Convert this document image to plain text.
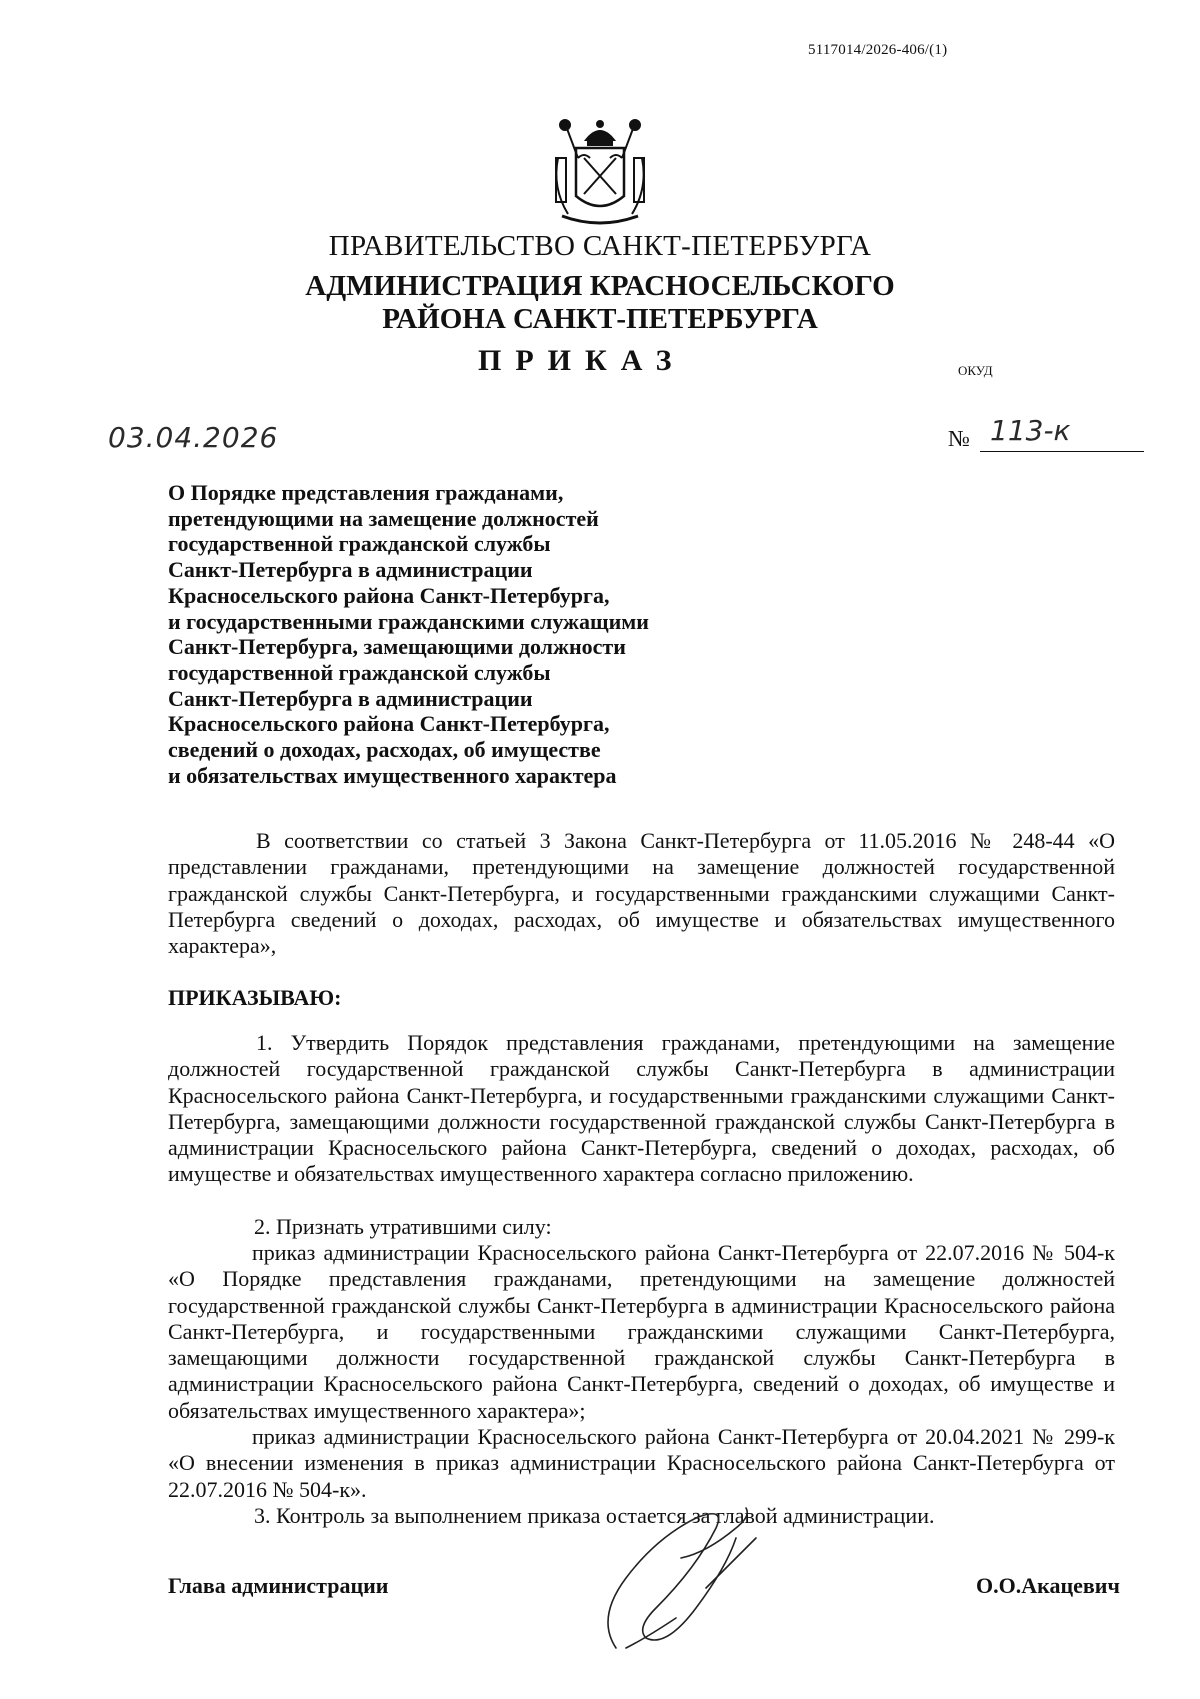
5117014/2026-406/(1)
ПРАВИТЕЛЬСТВО САНКТ-ПЕТЕРБУРГА
АДМИНИСТРАЦИЯ КРАСНОСЕЛЬСКОГО
РАЙОНА САНКТ-ПЕТЕРБУРГА
ПРИКАЗ	ОКУД
03.04.2026	№ 113-к
О Порядке представления гражданами,
претендующими на замещение должностей
государственной гражданской службы
Санкт-Петербурга в администрации
Красносельского района Санкт-Петербурга,
и государственными гражданскими служащими
Санкт-Петербурга, замещающими должности
государственной гражданской службы
Санкт-Петербурга в администрации
Красносельского района Санкт-Петербурга,
сведений о доходах, расходах, об имуществе
и обязательствах имущественного характера
В соответствии со статьей 3 Закона Санкт-Петербурга от 11.05.2016 № 248-44 «О представлении гражданами, претендующими на замещение должностей государственной гражданской службы Санкт-Петербурга, и государственными гражданскими служащими Санкт-Петербурга сведений о доходах, расходах, об имуществе и обязательствах имущественного характера»,
ПРИКАЗЫВАЮ:
1. Утвердить Порядок представления гражданами, претендующими на замещение должностей государственной гражданской службы Санкт-Петербурга в администрации Красносельского района Санкт-Петербурга, и государственными гражданскими служащими Санкт-Петербурга, замещающими должности государственной гражданской службы Санкт-Петербурга в администрации Красносельского района Санкт-Петербурга, сведений о доходах, расходах, об имуществе и обязательствах имущественного характера согласно приложению.
2. Признать утратившими силу:
приказ администрации Красносельского района Санкт-Петербурга от 22.07.2016 № 504-к «О Порядке представления гражданами, претендующими на замещение должностей государственной гражданской службы Санкт-Петербурга в администрации Красносельского района Санкт-Петербурга, и государственными гражданскими служащими Санкт-Петербурга, замещающими должности государственной гражданской службы Санкт-Петербурга в администрации Красносельского района Санкт-Петербурга, сведений о доходах, об имуществе и обязательствах имущественного характера»;
приказ администрации Красносельского района Санкт-Петербурга от 20.04.2021 № 299-к «О внесении изменения в приказ администрации Красносельского района Санкт-Петербурга от 22.07.2016 № 504-к».
3. Контроль за выполнением приказа остается за главой администрации.
Глава администрации	О.О.Акацевич
